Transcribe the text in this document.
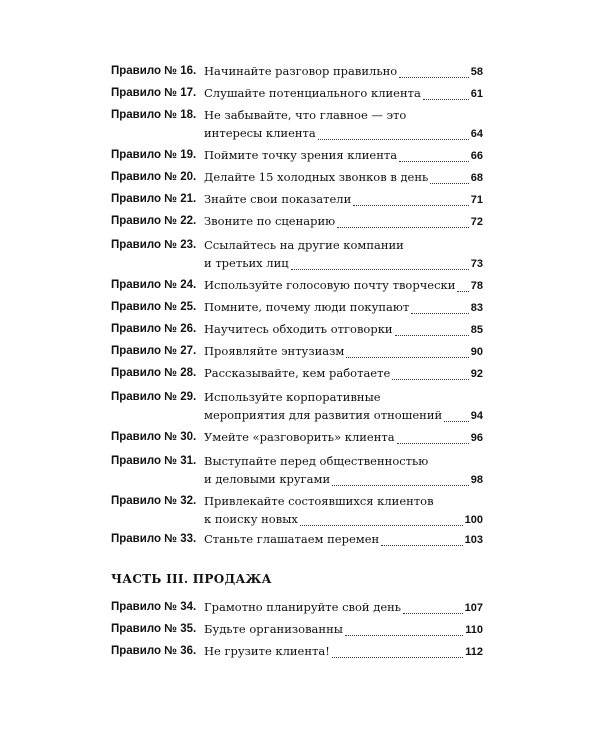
Правило № 16. Начинайте разговор правильно	58
Правило № 17. Слушайте потенциального клиента	61
Правило № 18. Не забывайте, что главное — это
интересы клиента	64
Правило № 19. Поймите точку зрения клиента	66
Правило № 20. Делайте 15 холодных звонков в день	68
Правило № 21. Знайте свои показатели	71
Правило № 22. Звоните по сценарию	72
Правило № 23. Ссылайтесь на другие компании
и третьих лиц	73
Правило № 24. Используйте голосовую почту творчески 78
Правило № 25. Помните, почему люди покупают	83
Правило № 26. Научитесь обходить отговорки	85
Правило № 27. Проявляйте энтузиазм	90
Правило № 28. Рассказывайте, кем работаете	92
Правило № 29. Используйте корпоративные
мероприятия для развития отношений	94
Правило № 30. Умейте «разговорить» клиента	96
Правило № 31. Выступайте перед общественностью
и деловыми кругами	98
Правило № 32. Привлекайте состоявшихся клиентов
к поиску новых	100
Правило № 33. Станьте глашатаем перемен	103
ЧАСТЬ III. ПРОДАЖА
Правило № 34. Грамотно планируйте свой день	107
Правило № 35. Будьте организованны	110
Правило № 36. Не грузите клиента!	112
